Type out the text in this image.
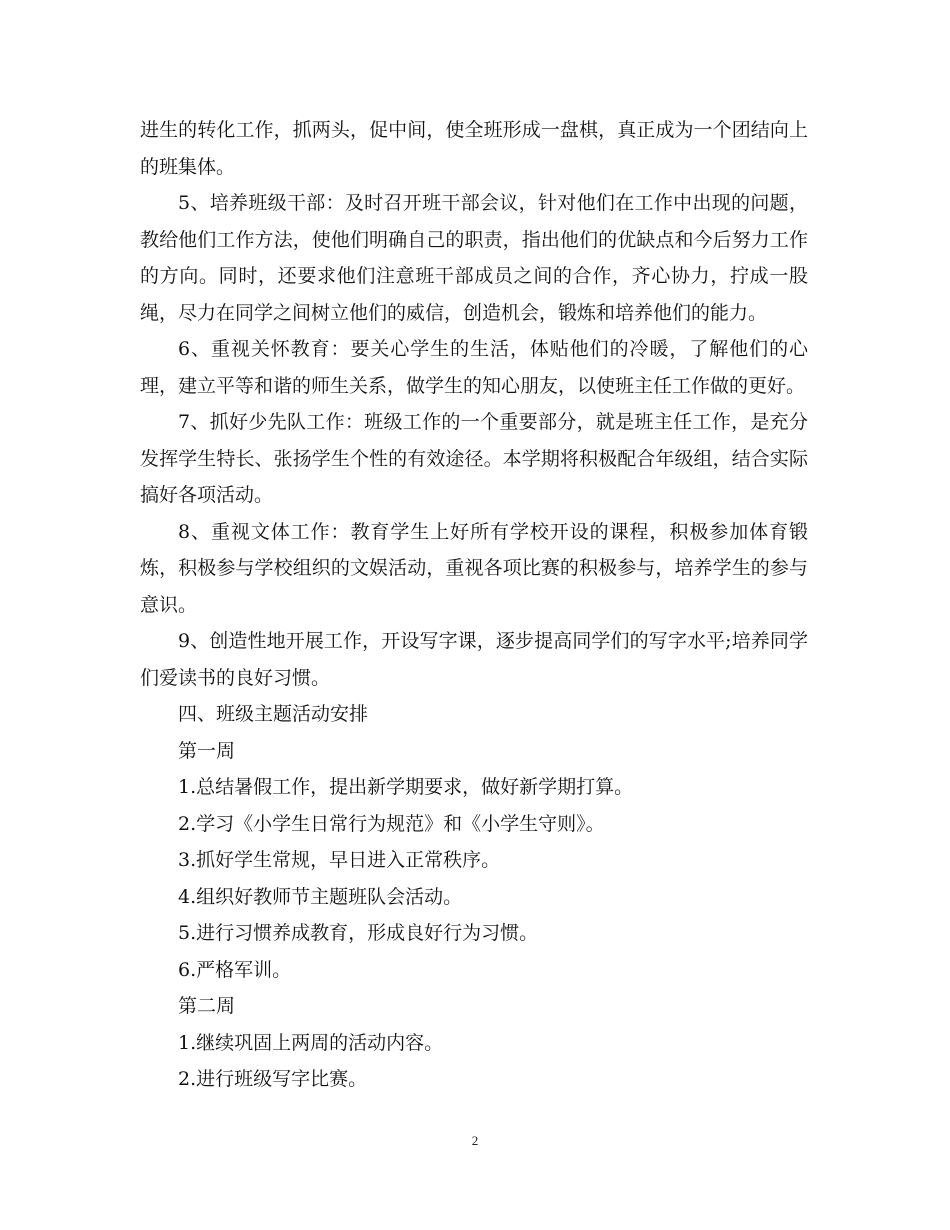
进生的转化工作，抓两头，促中间，使全班形成一盘棋，真正成为一个团结向上的班集体。

5、培养班级干部：及时召开班干部会议，针对他们在工作中出现的问题，教给他们工作方法，使他们明确自己的职责，指出他们的优缺点和今后努力工作的方向。同时，还要求他们注意班干部成员之间的合作，齐心协力，拧成一股绳，尽力在同学之间树立他们的威信，创造机会，锻炼和培养他们的能力。

6、重视关怀教育：要关心学生的生活，体贴他们的冷暖，了解他们的心理，建立平等和谐的师生关系，做学生的知心朋友，以使班主任工作做的更好。

7、抓好少先队工作：班级工作的一个重要部分，就是班主任工作，是充分发挥学生特长、张扬学生个性的有效途径。本学期将积极配合年级组，结合实际搞好各项活动。

8、重视文体工作：教育学生上好所有学校开设的课程，积极参加体育锻炼，积极参与学校组织的文娱活动，重视各项比赛的积极参与，培养学生的参与意识。

9、创造性地开展工作，开设写字课，逐步提高同学们的写字水平;培养同学们爱读书的良好习惯。

四、班级主题活动安排

第一周

1.总结暑假工作，提出新学期要求，做好新学期打算。

2.学习《小学生日常行为规范》和《小学生守则》。

3.抓好学生常规，早日进入正常秩序。

4.组织好教师节主题班队会活动。

5.进行习惯养成教育，形成良好行为习惯。

6.严格军训。

第二周

1.继续巩固上两周的活动内容。

2.进行班级写字比赛。

2
